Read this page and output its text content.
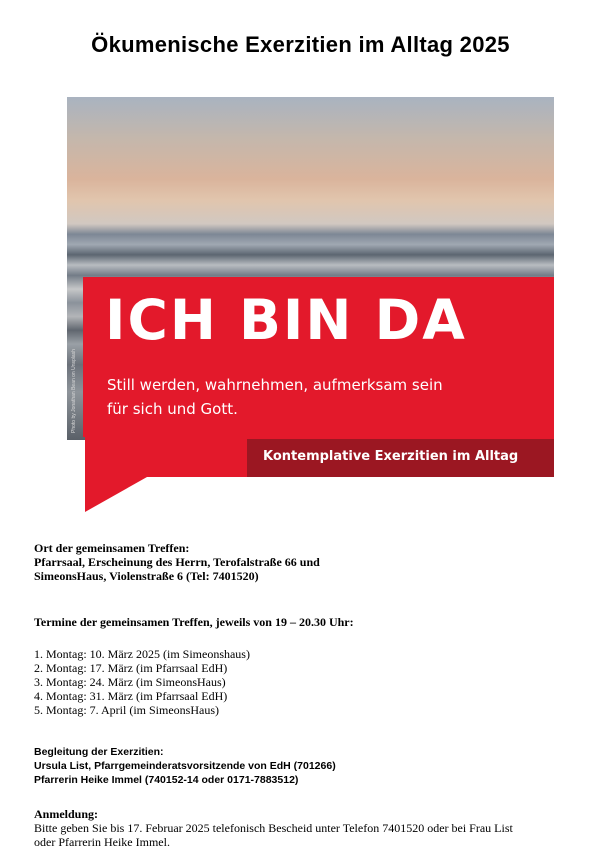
Ökumenische Exerzitien im Alltag 2025
Photo by Jonathan Bean on Unsplash
ICH BIN DA
Still werden, wahrnehmen, aufmerksam sein
für sich und Gott.
Kontemplative Exerzitien im Alltag
Ort der gemeinsamen Treffen:
Pfarrsaal, Erscheinung des Herrn, Terofalstraße 66 und
SimeonsHaus, Violenstraße 6 (Tel: 7401520)
Termine der gemeinsamen Treffen, jeweils von 19 – 20.30 Uhr:
1. Montag: 10. März 2025 (im Simeonshaus)
2. Montag: 17. März (im Pfarrsaal EdH)
3. Montag: 24. März (im SimeonsHaus)
4. Montag: 31. März (im Pfarrsaal EdH)
5. Montag: 7. April (im SimeonsHaus)
Begleitung der Exerzitien:
Ursula List, Pfarrgemeinderatsvorsitzende von EdH (701266)
Pfarrerin Heike Immel (740152-14 oder 0171-7883512)
Anmeldung:
Bitte geben Sie bis 17. Februar 2025 telefonisch Bescheid unter Telefon 7401520 oder bei Frau List
oder Pfarrerin Heike Immel.
